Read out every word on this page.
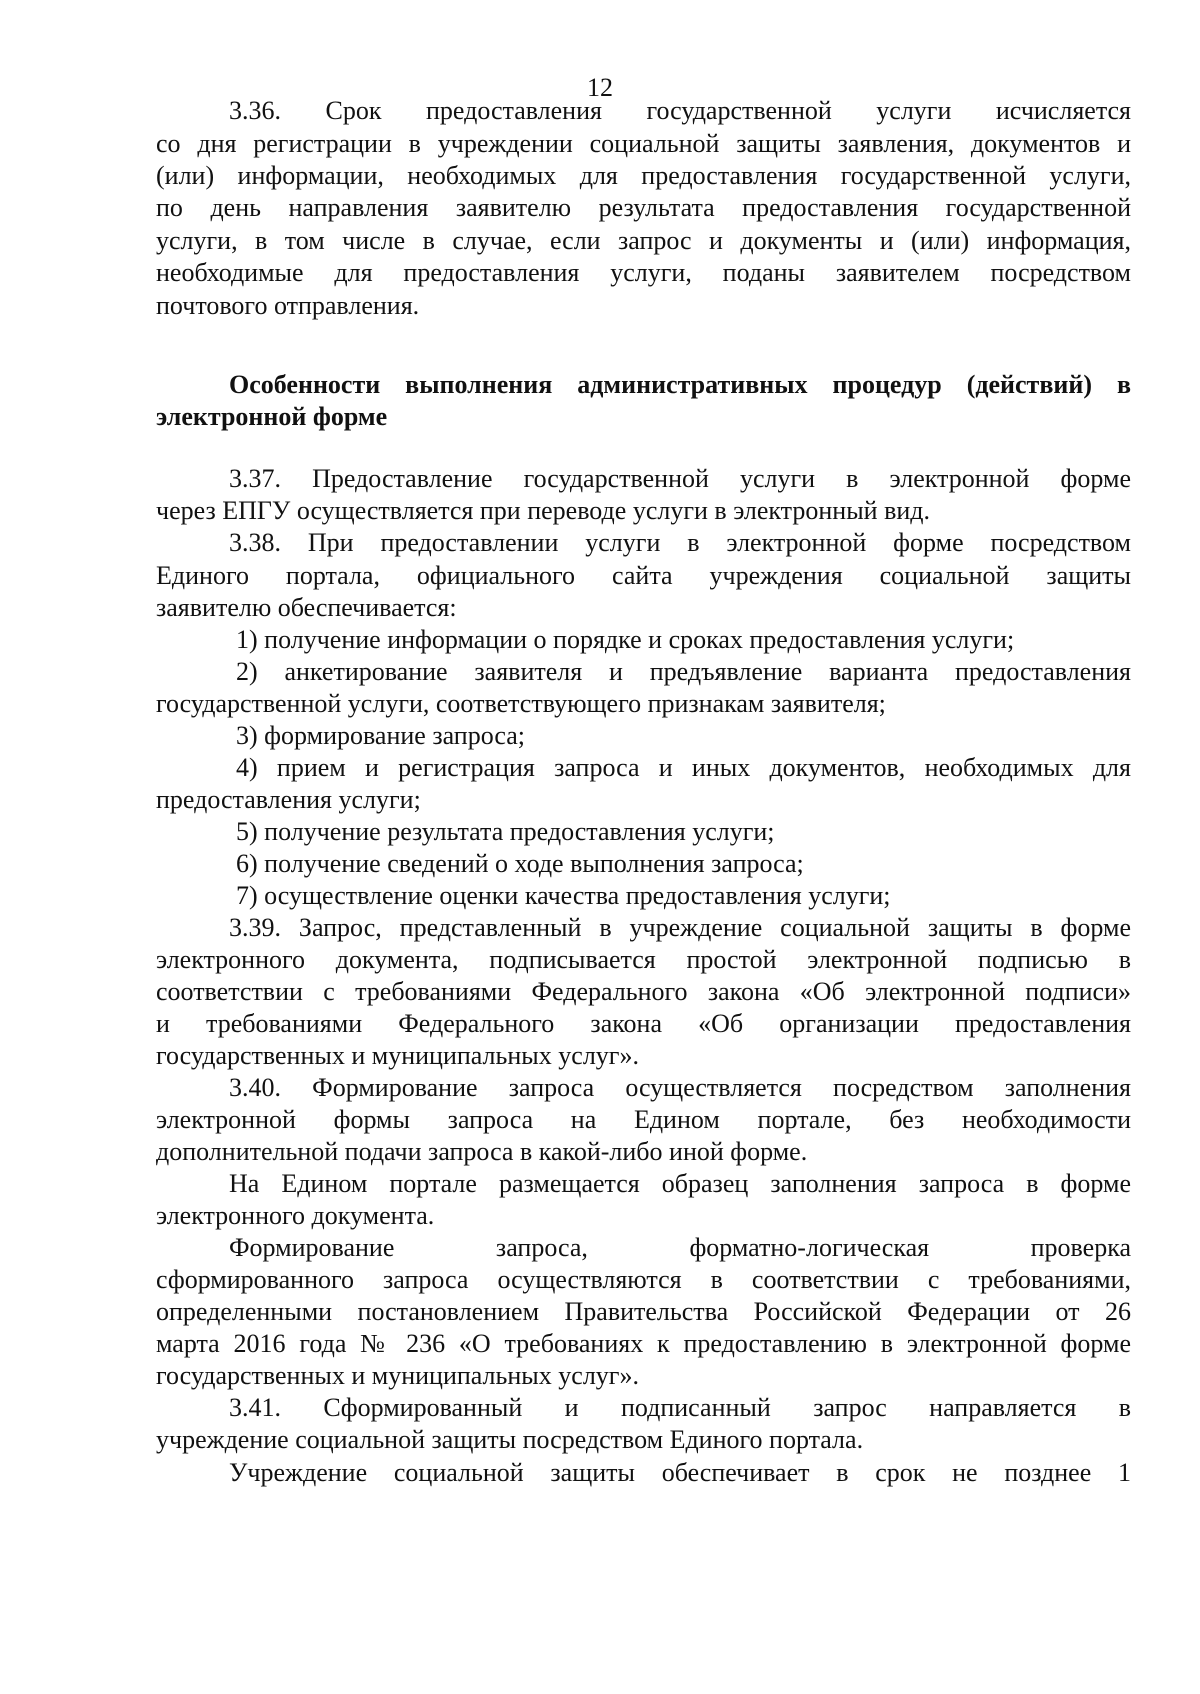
12
3.36. Срок предоставления государственной услуги исчисляется
со дня регистрации в учреждении социальной защиты заявления, документов и
(или) информации, необходимых для предоставления государственной услуги,
по день направления заявителю результата предоставления государственной
услуги, в том числе в случае, если запрос и документы и (или) информация,
необходимые для предоставления услуги, поданы заявителем посредством
почтового отправления.
Особенности выполнения административных процедур (действий) в
электронной форме
3.37. Предоставление государственной услуги в электронной форме
через ЕПГУ осуществляется при переводе услуги в электронный вид.
3.38. При предоставлении услуги в электронной форме посредством
Единого портала, официального сайта учреждения социальной защиты
заявителю обеспечивается:
1) получение информации о порядке и сроках предоставления услуги;
2) анкетирование заявителя и предъявление варианта предоставления
государственной услуги, соответствующего признакам заявителя;
3) формирование запроса;
4) прием и регистрация запроса и иных документов, необходимых для
предоставления услуги;
5) получение результата предоставления услуги;
6) получение сведений о ходе выполнения запроса;
7) осуществление оценки качества предоставления услуги;
3.39. Запрос, представленный в учреждение социальной защиты в форме
электронного документа, подписывается простой электронной подписью в
соответствии с требованиями Федерального закона «Об электронной подписи»
и требованиями Федерального закона «Об организации предоставления
государственных и муниципальных услуг».
3.40. Формирование запроса осуществляется посредством заполнения
электронной формы запроса на Едином портале, без необходимости
дополнительной подачи запроса в какой-либо иной форме.
На Едином портале размещается образец заполнения запроса в форме
электронного документа.
Формирование запроса, форматно-логическая проверка
сформированного запроса осуществляются в соответствии с требованиями,
определенными постановлением Правительства Российской Федерации от 26
марта 2016 года № 236 «О требованиях к предоставлению в электронной форме
государственных и муниципальных услуг».
3.41. Сформированный и подписанный запрос направляется в
учреждение социальной защиты посредством Единого портала.
Учреждение социальной защиты обеспечивает в срок не позднее 1
